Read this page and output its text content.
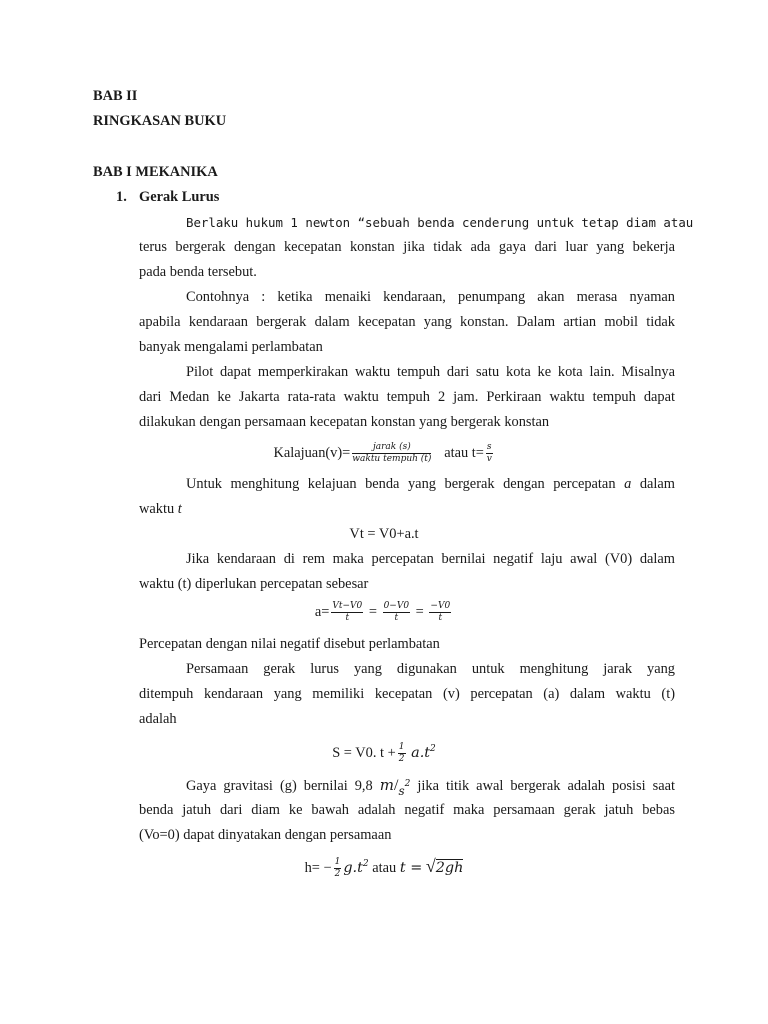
BAB II
RINGKASAN BUKU
BAB I MEKANIKA
1. Gerak Lurus
Berlaku hukum 1 newton “sebuah benda cenderung untuk tetap diam atau
terus bergerak dengan kecepatan konstan jika tidak ada gaya dari luar yang bekerja
pada benda tersebut.
Contohnya : ketika menaiki kendaraan, penumpang akan merasa nyaman
apabila kendaraan bergerak dalam kecepatan yang konstan. Dalam artian mobil tidak
banyak mengalami perlambatan
Pilot dapat memperkirakan waktu tempuh dari satu kota ke kota lain. Misalnya
dari Medan ke Jakarta rata-rata waktu tempuh 2 jam. Perkiraan waktu tempuh dapat
dilakukan dengan persamaan kecepatan konstan yang bergerak konstan
Kalajuan(v)= $\frac{\text{jarak (s)}}{\text{waktu tempuh (t)}}$ atau $t= \frac{s}{v}$
Untuk menghitung kelajuan benda yang bergerak dengan percepatan a dalam
waktu t
Vt = V0+a.t
Jika kendaraan di rem maka percepatan bernilai negatif laju awal (V0) dalam
waktu (t) diperlukan percepatan sebesar
$a= \frac{Vt-V0}{t} = \frac{0-V0}{t} = \frac{-V0}{t}$
Percepatan dengan nilai negatif disebut perlambatan
Persamaan gerak lurus yang digunakan untuk menghitung jarak yang
ditempuh kendaraan yang memiliki kecepatan (v) percepatan (a) dalam waktu (t)
adalah
S = V0. $t + \frac{1}{2} a.t^2$
Gaya gravitasi (g) bernilai 9,8 $m/_s^2$ jika titik awal bergerak adalah posisi saat
benda jatuh dari diam ke bawah adalah negatif maka persamaan gerak jatuh bebas
(Vo=0) dapat dinyatakan dengan persamaan
$h= - \frac{1}{2} g.t^2$ atau t = √2gh
